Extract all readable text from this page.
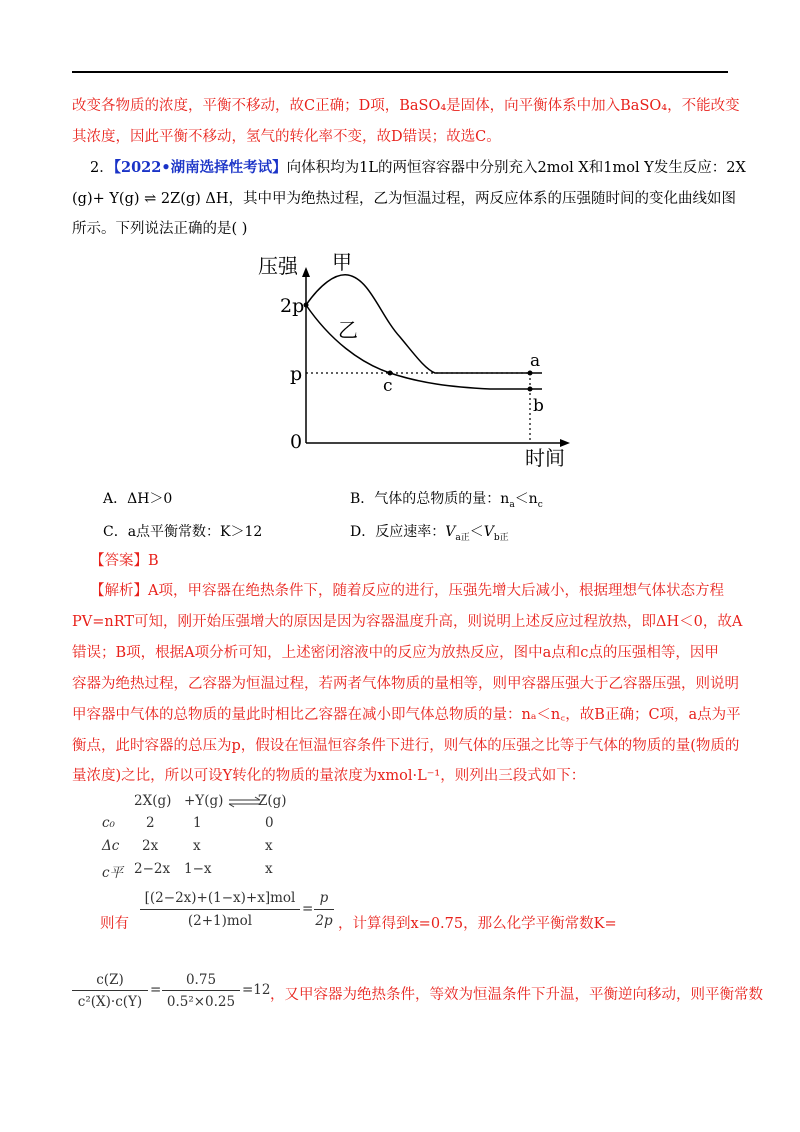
改变各物质的浓度，平衡不移动，故C正确；D项，BaSO₄是固体，向平衡体系中加入BaSO₄，不能改变
其浓度，因此平衡不移动，氢气的转化率不变，故D错误；故选C。
2．【2022•湖南选择性考试】向体积均为1L的两恒容容器中分别充入2mol X和1mol Y发生反应：2X
(g)+ Y(g) ⇌ 2Z(g) ΔH，其中甲为绝热过程，乙为恒温过程，两反应体系的压强随时间的变化曲线如图
所示。下列说法正确的是( )
压强
时间
甲
乙
2p
p
0
a
b
c
A．ΔH＞0	B．气体的总物质的量：$n_a<n_c$
C．a点平衡常数：K＞12	D．反应速率：$V_{a正}<V_{b正}$
【答案】B
【解析】A项，甲容器在绝热条件下，随着反应的进行，压强先增大后减小，根据理想气体状态方程
PV=nRT可知，刚开始压强增大的原因是因为容器温度升高，则说明上述反应过程放热，即ΔH＜0，故A
错误；B项，根据A项分析可知，上述密闭溶液中的反应为放热反应，图中a点和c点的压强相等，因甲
容器为绝热过程，乙容器为恒温过程，若两者气体物质的量相等，则甲容器压强大于乙容器压强，则说明
甲容器中气体的总物质的量此时相比乙容器在减小即气体总物质的量：nₐ＜n꜀，故B正确；C项，a点为平
衡点，此时容器的总压为p，假设在恒温恒容条件下进行，则气体的压强之比等于气体的物质的量(物质的
量浓度)之比，所以可设Y转化的物质的量浓度为xmol·L⁻¹，则列出三段式如下：
2X(g) +Y(g) ⇌
Z(g)
c₀ 2	1	0
Δc 2x	x	x
c平 2−2x 1−x	x
则有
[(2−2x)+(1−x)+x]mol
(2+1)mol
=
p
2p ，计算得到x=0.75，那么化学平衡常数K=
c(Z)
c²(X)·c(Y)
=
0.75
0.5²×0.25
=12 ，又甲容器为绝热条件，等效为恒温条件下升温，平衡逆向移动，则平衡常数
